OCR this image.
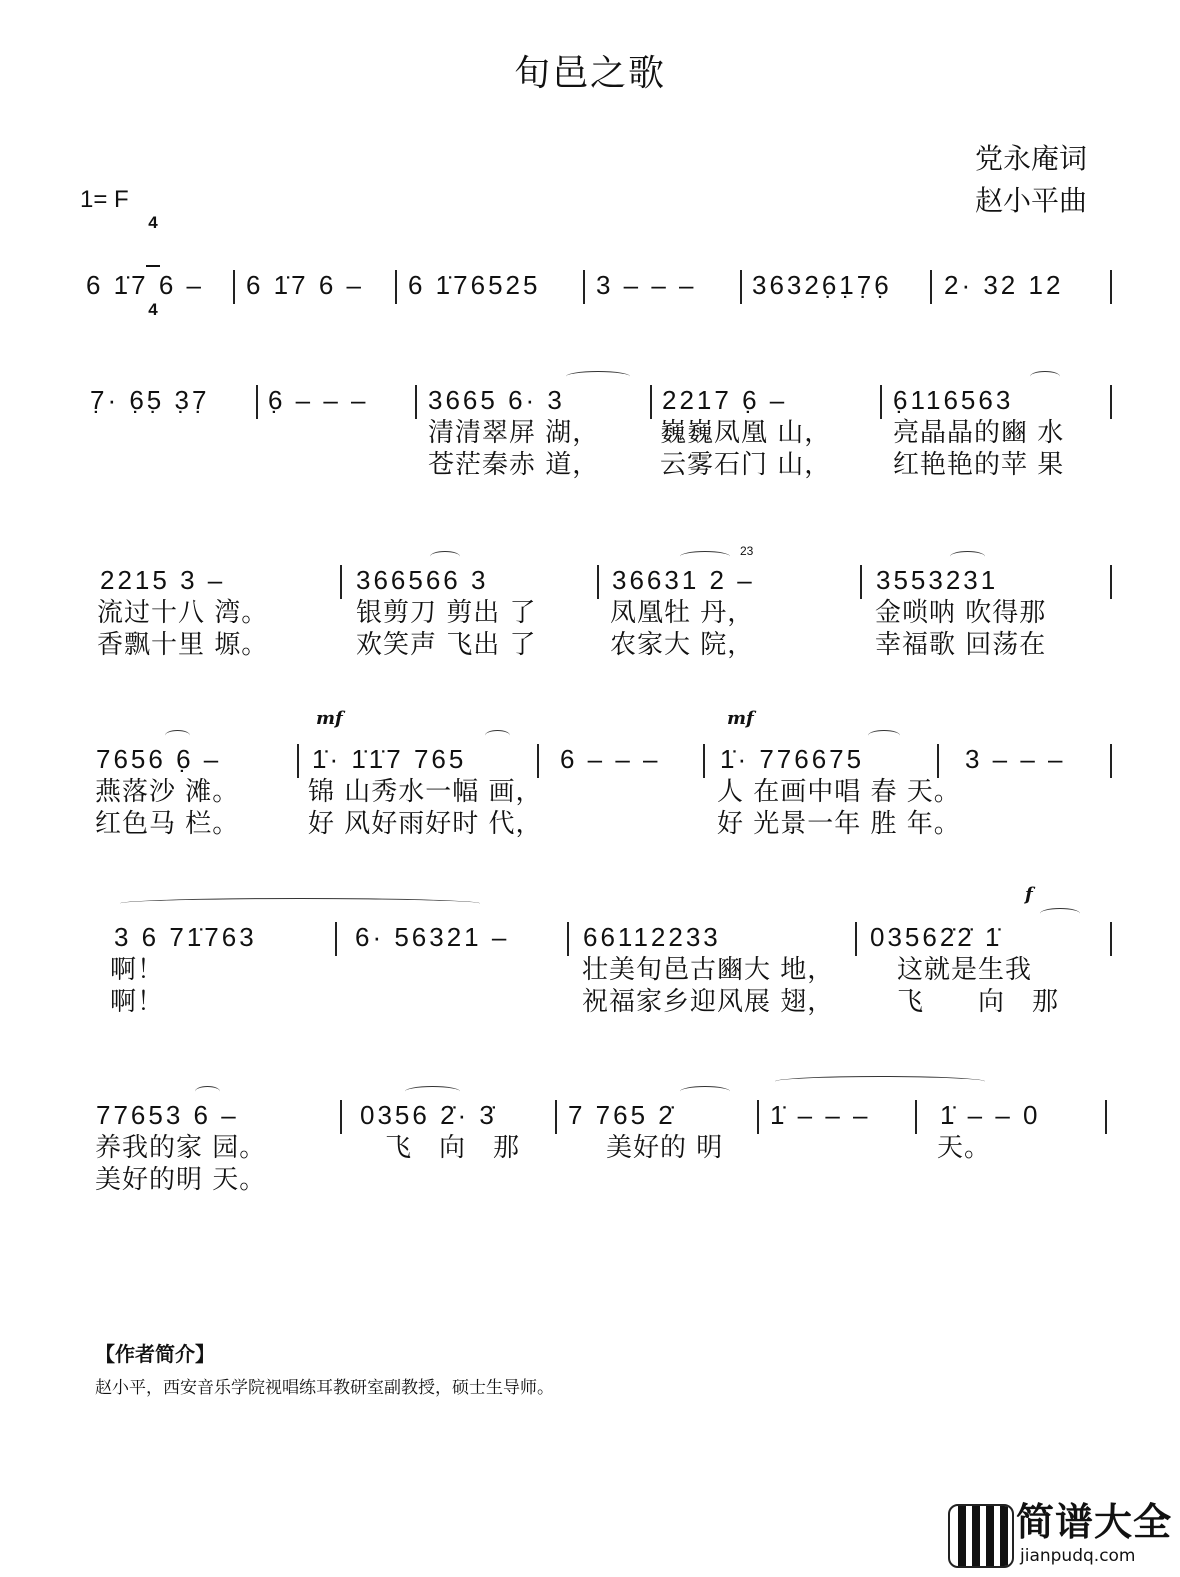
旬邑之歌
党永庵词
赵小平曲
1= F

4

4

6 1̇7 6 – 6 1̇7 6 – 6 1̇76525 3 – – – 36326̣1̣7̣6̣ 2· 32 12
7̣· 6̣5̣ 3̣7̣ 6̣ – – – 3665 6· 3	2217 6̣ –	6̣116563
清清翠屏 湖， 巍巍凤凰 山， 亮晶晶的豳 水
苍茫秦赤 道， 云雾石门 山， 红艳艳的苹 果
2215 3 –	366566 3	36631 2 –	3553231
流过十八 湾。	银剪刀 剪出 了	凤凰牡 丹，	金唢呐 吹得那
香飘十里 塬。	欢笑声 飞出 了	农家大 院，	幸福歌 回荡在
23
7656 6̣ –	1̇· 1̇1̇7 765	6 – – – 1̇· 776675	3 – – –
燕落沙 滩。	锦 山秀水一幅 画，	人 在画中唱 春 天。
红色马 栏。	好 风好雨好时 代，	好 光景一年 胜 年。
mf	mf
3 6 71̇763	6· 56321 –	66112233	03562̇2̇ 1̇
啊！	壮美旬邑古豳大 地， 这就是生我
啊！	祝福家乡迎风展 翅， 飞　　向　那
f
77653 6 –	0356 2̇· 3̇	7 765 2̇	1̇ – – –	1̇ – – 0
养我的家 园。	飞　向　那	美好的 明	天。
美好的明 天。
【作者简介】
赵小平，西安音乐学院视唱练耳教研室副教授，硕士生导师。

简谱大全

jianpudq.com
